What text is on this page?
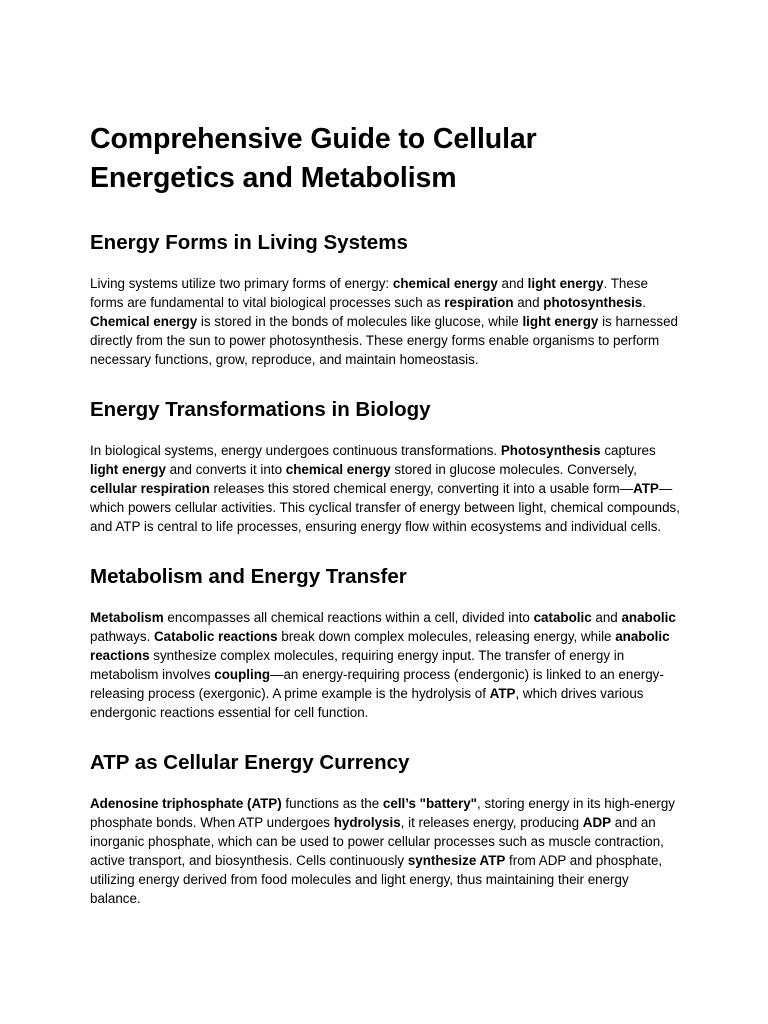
Comprehensive Guide to Cellular Energetics and Metabolism
Energy Forms in Living Systems

Living systems utilize two primary forms of energy: chemical energy and light energy. These forms are fundamental to vital biological processes such as respiration and photosynthesis. Chemical energy is stored in the bonds of molecules like glucose, while light energy is harnessed directly from the sun to power photosynthesis. These energy forms enable organisms to perform necessary functions, grow, reproduce, and maintain homeostasis.

Energy Transformations in Biology

In biological systems, energy undergoes continuous transformations. Photosynthesis captures light energy and converts it into chemical energy stored in glucose molecules. Conversely, cellular respiration releases this stored chemical energy, converting it into a usable form—ATP—which powers cellular activities. This cyclical transfer of energy between light, chemical compounds, and ATP is central to life processes, ensuring energy flow within ecosystems and individual cells.

Metabolism and Energy Transfer

Metabolism encompasses all chemical reactions within a cell, divided into catabolic and anabolic pathways. Catabolic reactions break down complex molecules, releasing energy, while anabolic reactions synthesize complex molecules, requiring energy input. The transfer of energy in metabolism involves coupling—an energy-requiring process (endergonic) is linked to an energy-releasing process (exergonic). A prime example is the hydrolysis of ATP, which drives various endergonic reactions essential for cell function.

ATP as Cellular Energy Currency

Adenosine triphosphate (ATP) functions as the cell’s "battery", storing energy in its high-energy phosphate bonds. When ATP undergoes hydrolysis, it releases energy, producing ADP and an inorganic phosphate, which can be used to power cellular processes such as muscle contraction, active transport, and biosynthesis. Cells continuously synthesize ATP from ADP and phosphate, utilizing energy derived from food molecules and light energy, thus maintaining their energy balance.
